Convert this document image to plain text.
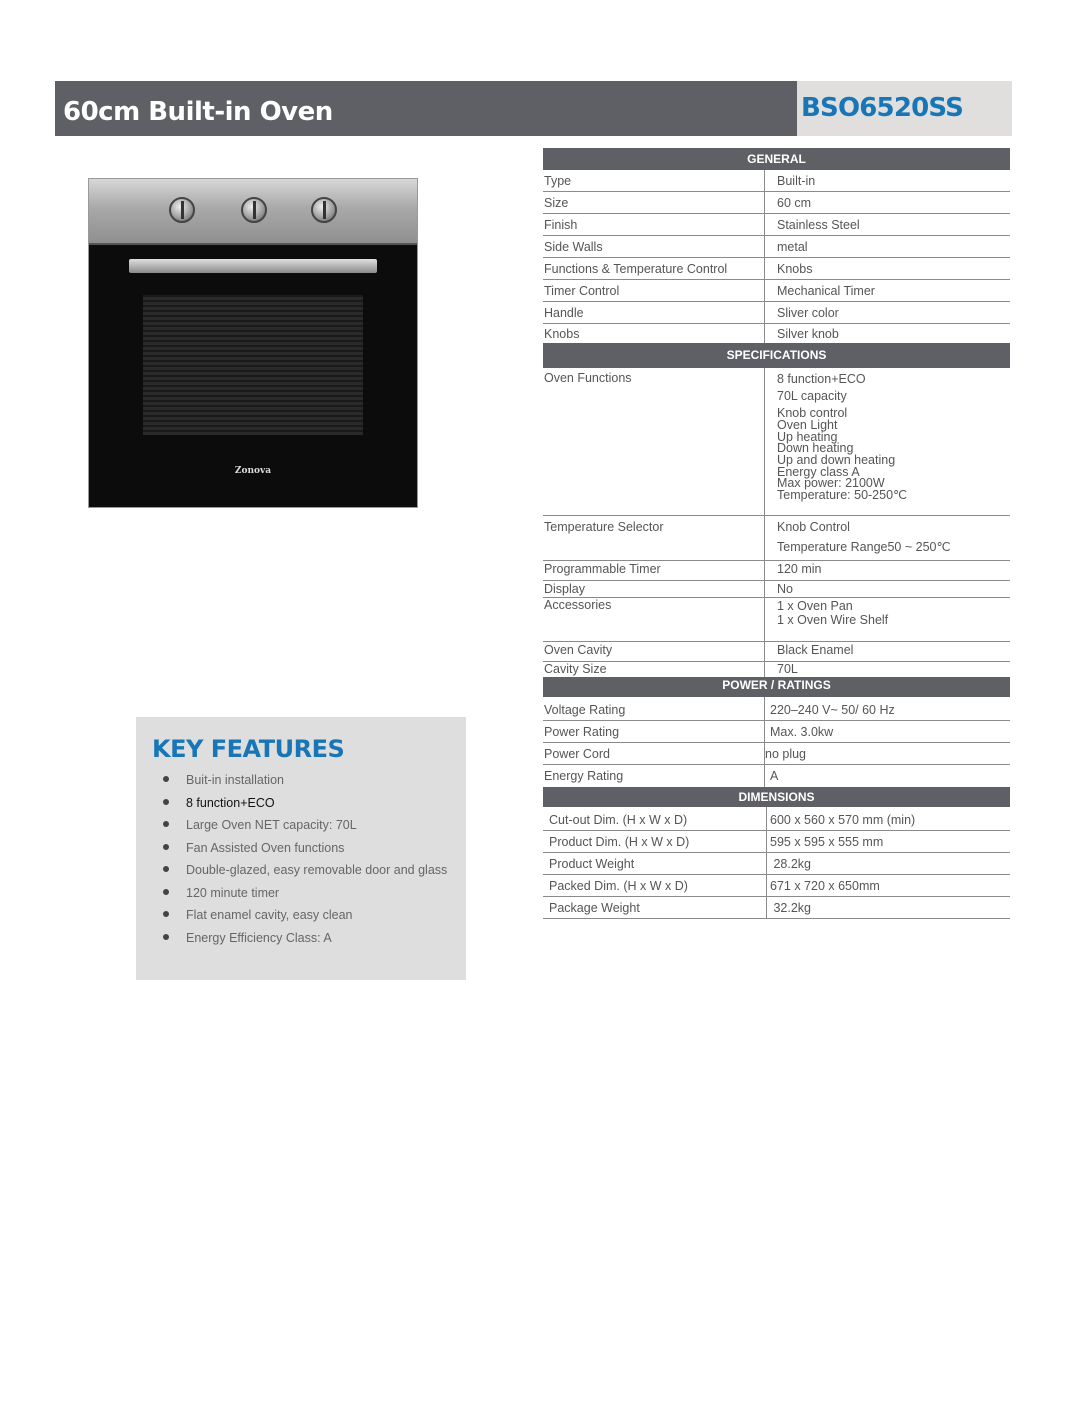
60cm Built-in Oven	BSO6520SS
Zonova
KEY FEATURES
Buit-in installation
8 function+ECO
Large Oven NET capacity: 70L
Fan Assisted Oven functions
Double-glazed, easy removable door and glass
120 minute timer
Flat enamel cavity, easy clean
Energy Efficiency Class: A
GENERAL
Type	Built-in
Size	60 cm
Finish	Stainless Steel
Side Walls	metal
Functions & Temperature Control	Knobs
Timer Control	Mechanical Timer
Handle	Sliver color
Knobs	Silver knob
SPECIFICATIONS
Oven Functions	8 function+ECO
70L capacity
Knob control
Oven Light
Up heating
Down heating
Up and down heating
Energy class A
Max power: 2100W
Temperature: 50-250℃
Temperature Selector	Knob Control
Temperature Range50 ~ 250℃
Programmable Timer	120 min
Display	No
Accessories	1 x Oven Pan
1 x Oven Wire Shelf
Oven Cavity	Black Enamel
Cavity Size	70L
POWER / RATINGS
Voltage Rating	220–240 V~ 50/ 60 Hz
Power Rating	Max. 3.0kw
Power Cord	no plug
Energy Rating	A
DIMENSIONS
Cut-out Dim. (H x W x D)	600 x 560 x 570 mm (min)
Product Dim. (H x W x D)	595 x 595 x 555 mm
Product Weight	28.2kg
Packed Dim. (H x W x D)	671 x 720 x 650mm
Package Weight	32.2kg
